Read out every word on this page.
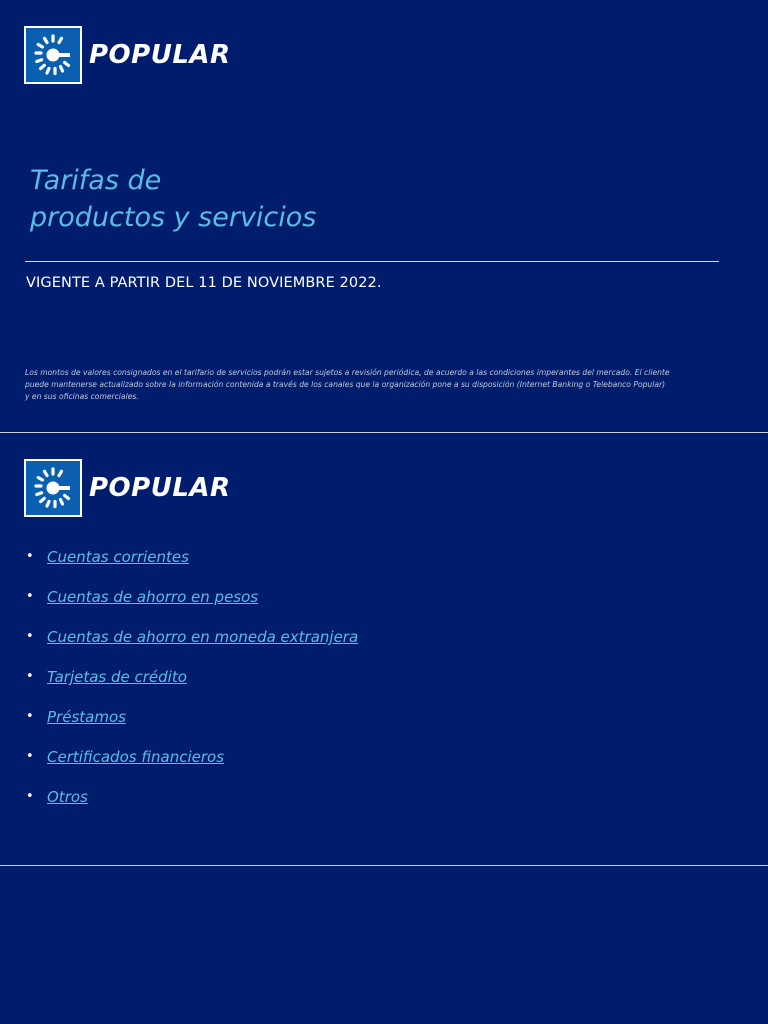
POPULAR
Tarifas de
productos y servicios
VIGENTE A PARTIR DEL 11 DE NOVIEMBRE 2022.
Los montos de valores consignados en el tarifario de servicios podrán estar sujetos a revisión periódica, de acuerdo a las condiciones imperantes del mercado. El cliente
puede mantenerse actualizado sobre la información contenida a través de los canales que la organización pone a su disposición (Internet Banking o Telebanco Popular)
y en sus oficinas comerciales.
POPULAR
• Cuentas corrientes
• Cuentas de ahorro en pesos
• Cuentas de ahorro en moneda extranjera
• Tarjetas de crédito
• Préstamos
• Certificados financieros
• Otros
